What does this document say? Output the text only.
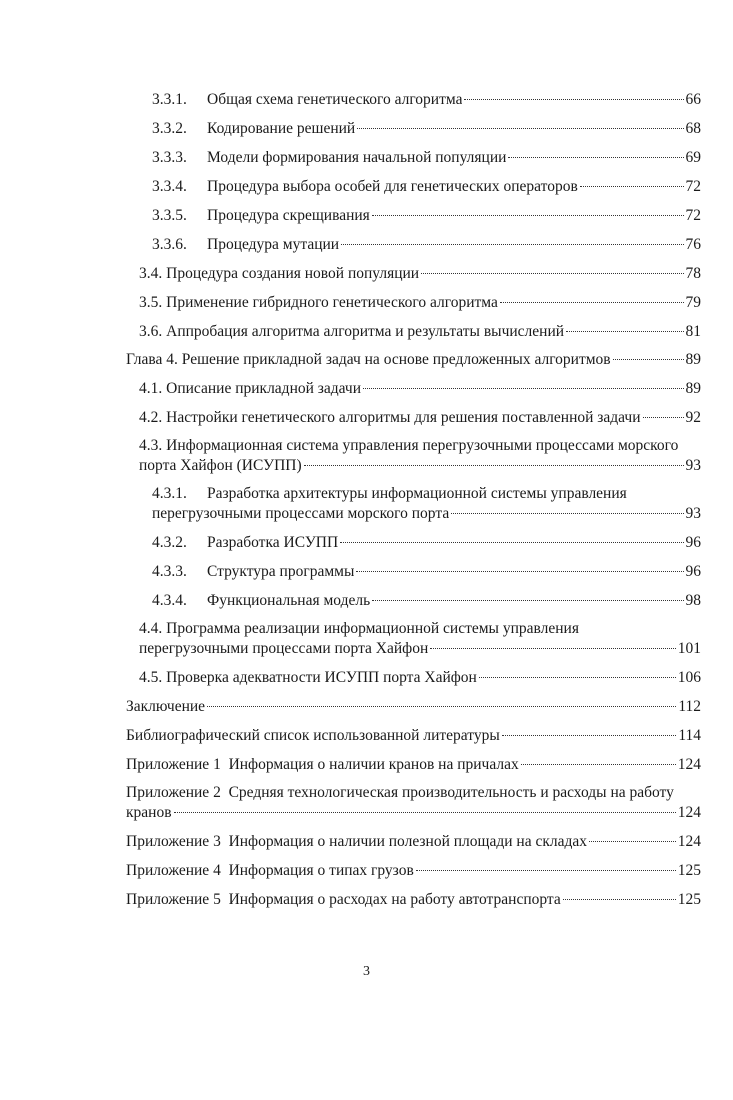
3.3.1.	Общая схема генетического алгоритма	66
3.3.2.	Кодирование решений	68
3.3.3.	Модели формирования начальной популяции	69
3.3.4.	Процедура выбора особей для генетических операторов	72
3.3.5.	Процедура скрещивания	72
3.3.6.	Процедура мутации	76
3.4. Процедура создания новой популяции	78
3.5. Применение гибридного генетического алгоритма	79
3.6. Аппробация алгоритма алгоритма и результаты вычислений	81
Глава 4. Решение прикладной задач на основе предложенных алгоритмов	89
4.1. Описание прикладной задачи	89
4.2. Настройки генетического алгоритмы для решения поставленной задачи	92
4.3. Информационная система управления перегрузочными процессами морского
порта Хайфон (ИСУПП)	93
4.3.1. Разработка архитектуры информационной системы управления
перегрузочными процессами морского порта	93
4.3.2.	Разработка ИСУПП	96
4.3.3.	Структура программы	96
4.3.4.	Функциональная модель	98
4.4. Программа реализации информационной системы управления
перегрузочными процессами порта Хайфон	101
4.5. Проверка адекватности ИСУПП порта Хайфон	106
Заключение	112
Библиографический список использованной литературы	114
Приложение 1  Информация о наличии кранов на причалах	124
Приложение 2  Средняя технологическая производительность и расходы на работу
кранов	124
Приложение 3  Информация о наличии полезной площади на складах	124
Приложение 4  Информация о типах грузов	125
Приложение 5  Информация о расходах на работу автотранспорта	125
3
